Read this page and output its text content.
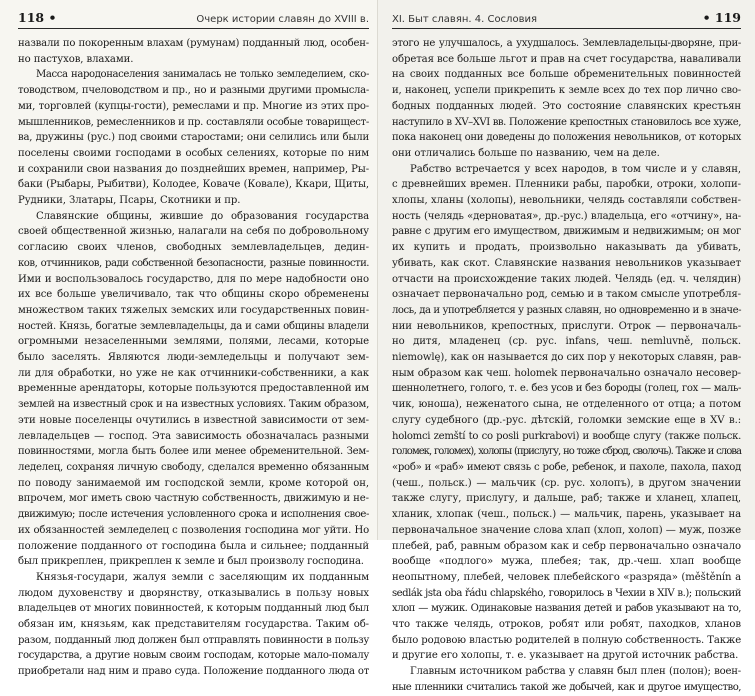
118 •	Очерк истории славян до XVIII в.
назвали по покоренным влахам (румунам) подданный люд, особен-
но пастухов, влахами.
Масса народонаселения занималась не только земледелием, ско-
товодством, пчеловодством и пр., но и разными другими промысла-
ми, торговлей (купцы-гости), ремеслами и пр. Многие из этих про-
мышленников, ремесленников и пр. составляли особые товарищест-
ва, дружины (рус.) под своими старостами; они селились или были
поселены своими господами в особых селениях, которые по ним
и сохранили свои названия до позднейших времен, например, Ры-
баки (Рыбары, Рыбитви), Колодее, Коваче (Ковале), Ккари, Щиты,
Рудники, Златары, Псары, Скотники и пр.
Славянские общины, жившие до образования государства
своей общественной жизнью, налагали на себя по добровольному
согласию своих членов, свободных землевладельцев, дедин-
ков, отчинников, ради собственной безопасности, разные повинности.
Ими и воспользовалось государство, для по мере надобности оно
их все больше увеличивало, так что общины скоро обременены
множеством таких тяжелых земских или государственных повин-
ностей. Князь, богатые землевладельцы, да и сами общины владели
огромными незаселенными землями, полями, лесами, которые
было заселять. Являются люди-земледельцы и получают зем-
ли для обработки, но уже не как отчинники-собственники, а как
временные арендаторы, которые пользуются предоставленной им
землей на известный срок и на известных условиях. Таким образом,
эти новые поселенцы очутились в известной зависимости от зем-
левладельцев — господ. Эта зависимость обозначалась разными
повинностями, могла быть более или менее обременительной. Зем-
леделец, сохраняя личную свободу, сделался временно обязанным
по поводу занимаемой им господской земли, кроме которой он,
впрочем, мог иметь свою частную собственность, движимую и не-
движимую; после истечения условленного срока и исполнения свое-
их обязанностей земледелец с позволения господина мог уйти. Но
положение подданного от господина была и сильнее; подданный
был прикреплен, прикреплен к земле и был произволу господина.
Князья-государи, жалуя земли с заселяющим их подданным
людом духовенству и дворянству, отказывались в пользу новых
владельцев от многих повинностей, к которым подданный люд был
обязан им, князьям, как представителям государства. Таким об-
разом, подданный люд должен был отправлять повинности в пользу
государства, а другие новым своим господам, которые мало-помалу
приобретали над ним и право суда. Положение подданного люда от
XI. Быт славян. 4. Сословия	• 119
этого не улучшалось, а ухудшалось. Землевладельцы-дворяне, при-
обретая все больше льгот и прав на счет государства, наваливали
на своих подданных все больше обременительных повинностей
и, наконец, успели прикрепить к земле всех до тех пор лично сво-
бодных подданных людей. Это состояние славянских крестьян
наступило в XV–XVI вв. Положение крепостных становилось все хуже,
пока наконец они доведены до положения невольников, от которых
они отличались больше по названию, чем на деле.
Рабство встречается у всех народов, в том числе и у славян,
с древнейших времен. Пленники рабы, паробки, отроки, холопи-
хлопы, хланы (холопы), невольники, челядь составляли собствен-
ность (челядь «дерноватая», др.-рус.) владельца, его «отчину», на-
равне с другим его имуществом, движимым и недвижимым; он мог
их купить и продать, произвольно наказывать да убивать,
убивать, как скот. Славянские названия невольников указывает
отчасти на происхождение таких людей. Челядь (ед. ч. челядин)
означает первоначально род, семью и в таком смысле употребля-
лось, да и употребляется у разных славян, но одновременно и в значе-
нии невольников, крепостных, прислуги. Отрок — первоначаль-
но дитя, младенец (ср. рус. infans, чеш. nemluvně, польск.
niemowlę), как он называется до сих пор у некоторых славян, рав-
ным образом как чеш. holomek первоначально означало несовер-
шеннолетнего, голого, т. е. без усов и без бороды (голец, гох — маль-
чик, юноша), неженатого сына, не отделенного от отца; а потом
слугу судебного (др.-рус. дѣтскій, голомки земские еще в XV в.:
holomci zemští to co posli purkrabovi) и вообще слугу (также польск.
голомек, голомех), холопы (прислугу, но тоже сброд, сволочь). Также и слова
«роб» и «раб» имеют связь с робе, ребенок, и пахоле, пахола, паход
(чеш., польск.) — мальчик (ср. рус. холопъ), в другом значении
также слугу, прислугу, и дальше, раб; также и хланец, хлапец,
хланик, хлопак (чеш., польск.) — мальчик, парень, указывает на
первоначальное значение слова хлап (хлоп, холоп) — муж, позже
плебей, раб, равным образом как и себр первоначально означало
вообще «подлого» мужа, плебея; так, др.-чеш. хлап вообще
неопытному, плебей, человек плебейского «разряда» (měštěnín a
sedlák jsta oba řádu chlapského, говорилось в Чехии в XIV в.); польский
хлоп — мужик. Одинаковые названия детей и рабов указывают на то,
что также челядь, отроков, робят или робят, паходков, хланов
было родовою властью родителей в полную собственность. Также
и другие его холопы, т. е. указывает на другой источник рабства.
Главным источником рабства у славян был плен (полон); воен-
ные пленники считались такой же добычей, как и другое имущество,
